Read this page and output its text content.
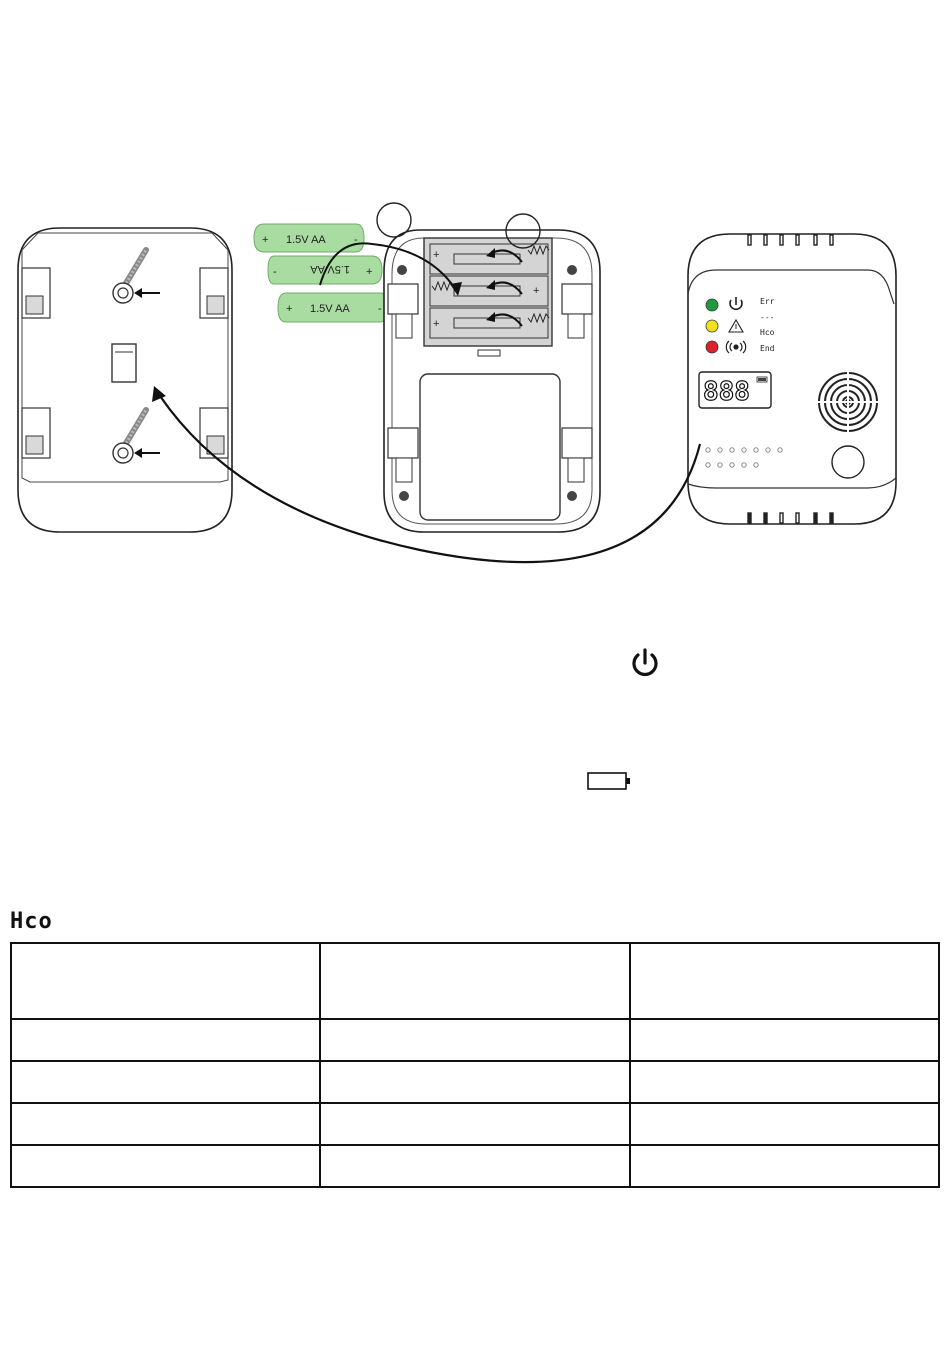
+ 1.5V AA	-
-	1.5V AA +
+ 1.5V AA	-
+
+
+
Err
---
Hco
End
888
Hco
